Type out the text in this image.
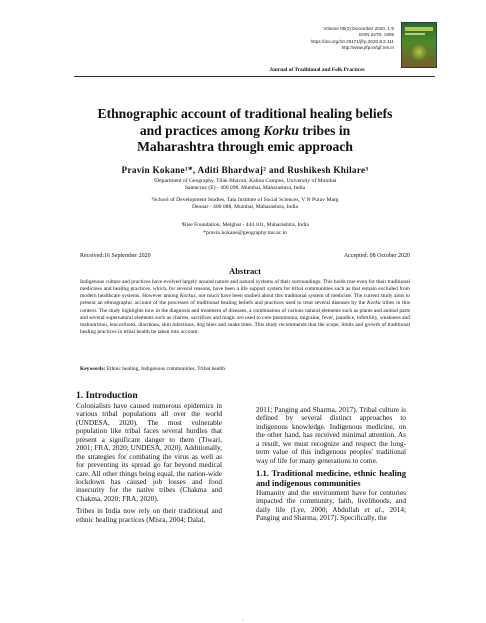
Volume 08(2) December 2020, 1-9
ISSN 2278- 1906
https://doi.org/10.25171/jfrp.2020.8.2.111
http://www.jtfp.in/tgf.res.in
Journal of Traditional and Folk Practices
Ethnographic account of traditional healing beliefs
and practices among Korku tribes in
Maharashtra through emic approach
Pravin Kokane¹*, Aditi Bhardwaj² and Rushikesh Khilare³
¹Department of Geography, Tilak Bhavan, Kalina Campus, University of Mumbai
Santacruz (E) - 400 098, Mumbai, Maharashtra, India
²School of Development Studies, Tata Institute of Social Sciences, V N Purav Marg
Deonar - 400 088, Mumbai, Maharashtra, India
³Rise Foundation, Melghat - 444 101, Maharashtra, India
*pravin.kokane@geography.mu.ac.in
Received:16 September 2020	Accepted: 08 October 2020
Abstract
Indigenous culture and practices have evolved largely around nature and natural systems of their surroundings. This holds true even for their traditional medicines and healing practices, which, for several reasons, have been a life support system for tribal communities such as that remain excluded from modern healthcare systems. However among Korkus, not much have been studied about this traditional system of medicine. The current study aims to present an ethnographic account of the processes of traditional healing beliefs and practices used to treat several diseases by the Korku tribes in this context. The study highlights how in the diagnosis and treatment of diseases, a combination of various natural elements such as plants and animal parts and several supernatural elements such as charms, sacrifices and magic are used to cure pneumonia, migraine, fever, jaundice, infertility, weakness and malnutrition, leucorrhoea, diarrhoea, skin infections, dog bites and snake bites. This study recommends that the scope, limits and growth of traditional healing practices in tribal health be taken into account.
Keywords: Ethnic healing, Indigenous communities, Tribal health
1. Introduction

Colonialists have caused numerous epidemics in various tribal populations all over the world (UNDESA, 2020). The most vulnerable population like tribal faces several hurdles that present a significant danger to them (Tiwari, 2001; FRA, 2020; UNDESA, 2020). Additionally, the strategies for combating the virus as well as for preventing its spread go far beyond medical care. All other things being equal, the nation-wide lockdown has caused job losses and food insecurity for the native tribes (Chakma and Chakma, 2020; FRA, 2020).

Tribes in India now rely on their traditional and ethnic healing practices (Misra, 2004; Dalal,

2011; Panging and Sharma, 2017). Tribal culture is defined by several distinct approaches to indigenous knowledge. Indigenous medicine, on the other hand, has received minimal attention. As a result, we must recognize and respect the long-term value of this indigenous peoples' traditional way of life for many generations to come.

1.1. Traditional medicine, ethnic healing and indigenous communities

Humanity and the environment have for centuries impacted the community, faith, livelihoods, and daily life (Lye, 2000; Abdullah et al., 2014; Panging and Sharma, 2017). Specifically, the

-
